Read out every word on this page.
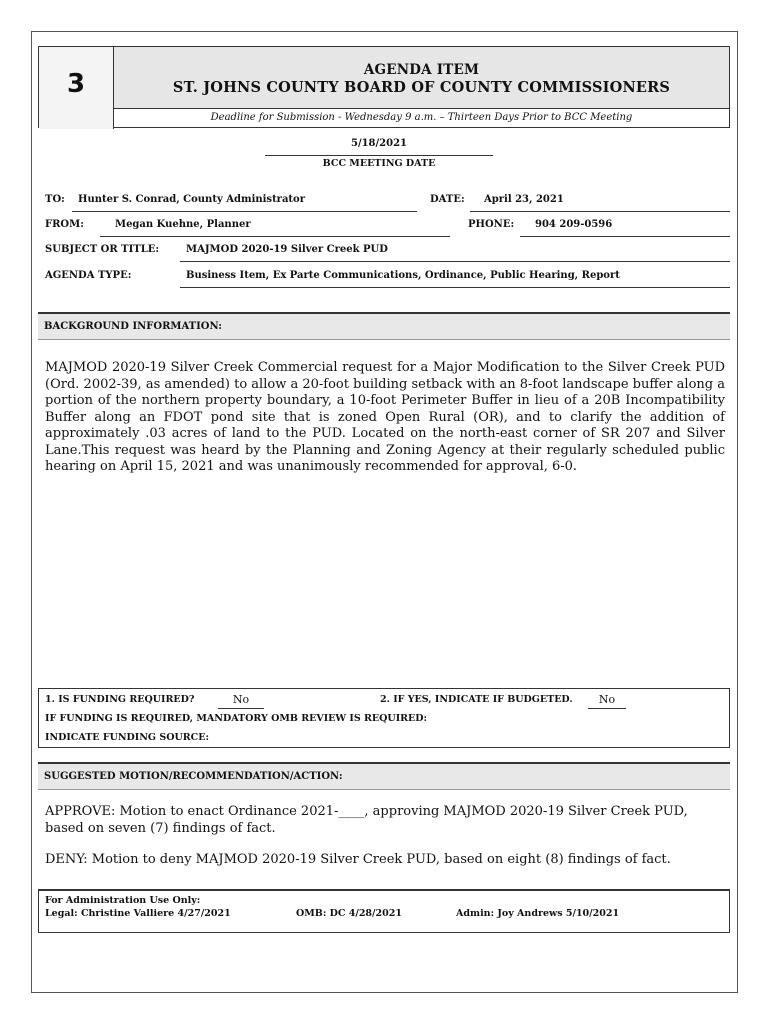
3	AGENDA ITEM
ST. JOHNS COUNTY BOARD OF COUNTY COMMISSIONERS
Deadline for Submission - Wednesday 9 a.m. – Thirteen Days Prior to BCC Meeting
5/18/2021
BCC MEETING DATE
TO: Hunter S. Conrad, County Administrator	DATE: April 23, 2021
FROM:	Megan Kuehne, Planner	PHONE: 904 209-0596
SUBJECT OR TITLE:	MAJMOD 2020-19 Silver Creek PUD
AGENDA TYPE:	Business Item, Ex Parte Communications, Ordinance, Public Hearing, Report
BACKGROUND INFORMATION:
MAJMOD 2020-19 Silver Creek Commercial request for a Major Modification to the Silver Creek PUD (Ord. 2002-39, as amended) to allow a 20-foot building setback with an 8-foot landscape buffer along a portion of the northern property boundary, a 10-foot Perimeter Buffer in lieu of a 20B Incompatibility Buffer along an FDOT pond site that is zoned Open Rural (OR), and to clarify the addition of approximately .03 acres of land to the PUD. Located on the north-east corner of SR 207 and Silver Lane.This request was heard by the Planning and Zoning Agency at their regularly scheduled public hearing on April 15, 2021 and was unanimously recommended for approval, 6-0.
1. IS FUNDING REQUIRED?	No	2. IF YES, INDICATE IF BUDGETED.	No
IF FUNDING IS REQUIRED, MANDATORY OMB REVIEW IS REQUIRED:
INDICATE FUNDING SOURCE:
SUGGESTED MOTION/RECOMMENDATION/ACTION:
APPROVE: Motion to enact Ordinance 2021-____, approving MAJMOD 2020-19 Silver Creek PUD, based on seven (7) findings of fact.
DENY: Motion to deny MAJMOD 2020-19 Silver Creek PUD, based on eight (8) findings of fact.
For Administration Use Only:
Legal: Christine Valliere 4/27/2021	OMB: DC 4/28/2021	Admin: Joy Andrews 5/10/2021
